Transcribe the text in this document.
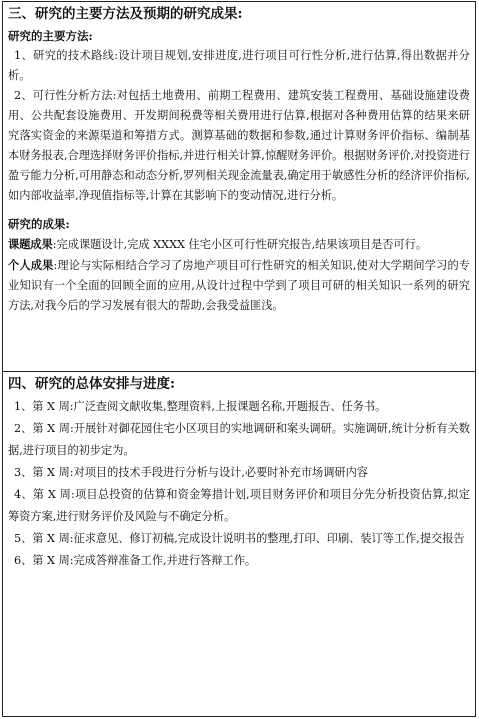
三、研究的主要方法及预期的研究成果:
研究的主要方法:

1、研究的技术路线:设计项目规划,安排进度,进行项目可行性分析,进行估算,得出数据并分析。

2、可行性分析方法:对包括土地费用、前期工程费用、建筑安装工程费用、基础设施建设费用、公共配套设施费用、开发期间税费等相关费用进行估算,根据对各种费用估算的结果来研究落实资金的来源渠道和筹措方式。测算基础的数据和参数,通过计算财务评价指标、编制基本财务报表,合理选择财务评价指标,并进行相关计算,惊醒财务评价。根据财务评价,对投资进行盈亏能力分析,可用静态和动态分析,罗列相关现金流量表,确定用于敏感性分析的经济评价指标,如内部收益率,净现值指标等,计算在其影响下的变动情况,进行分析。

研究的成果:

课题成果:完成课题设计,完成 XXXX 住宅小区可行性研究报告,结果该项目是否可行。

个人成果:理论与实际相结合学习了房地产项目可行性研究的相关知识,使对大学期间学习的专业知识有一个全面的回顾全面的应用,从设计过程中学到了项目可研的相关知识一系列的研究方法,对我今后的学习发展有很大的帮助,会我受益匪浅。

四、研究的总体安排与进度:

1、第 X 周:广泛查阅文献收集,整理资料,上报课题名称,开题报告、任务书。

2、第 X 周:开展针对御花园住宅小区项目的实地调研和案头调研。实施调研,统计分析有关数据,进行项目的初步定为。

3、第 X 周:对项目的技术手段进行分析与设计,必要时补充市场调研内容

4、第 X 周:项目总投资的估算和资金筹措计划,项目财务评价和项目分先分析投资估算,拟定筹资方案,进行财务评价及风险与不确定分析。

5、第 X 周:征求意见、修订初稿,完成设计说明书的整理,打印、印刷、装订等工作,提交报告

6、第 X 周:完成答辩准备工作,并进行答辩工作。
